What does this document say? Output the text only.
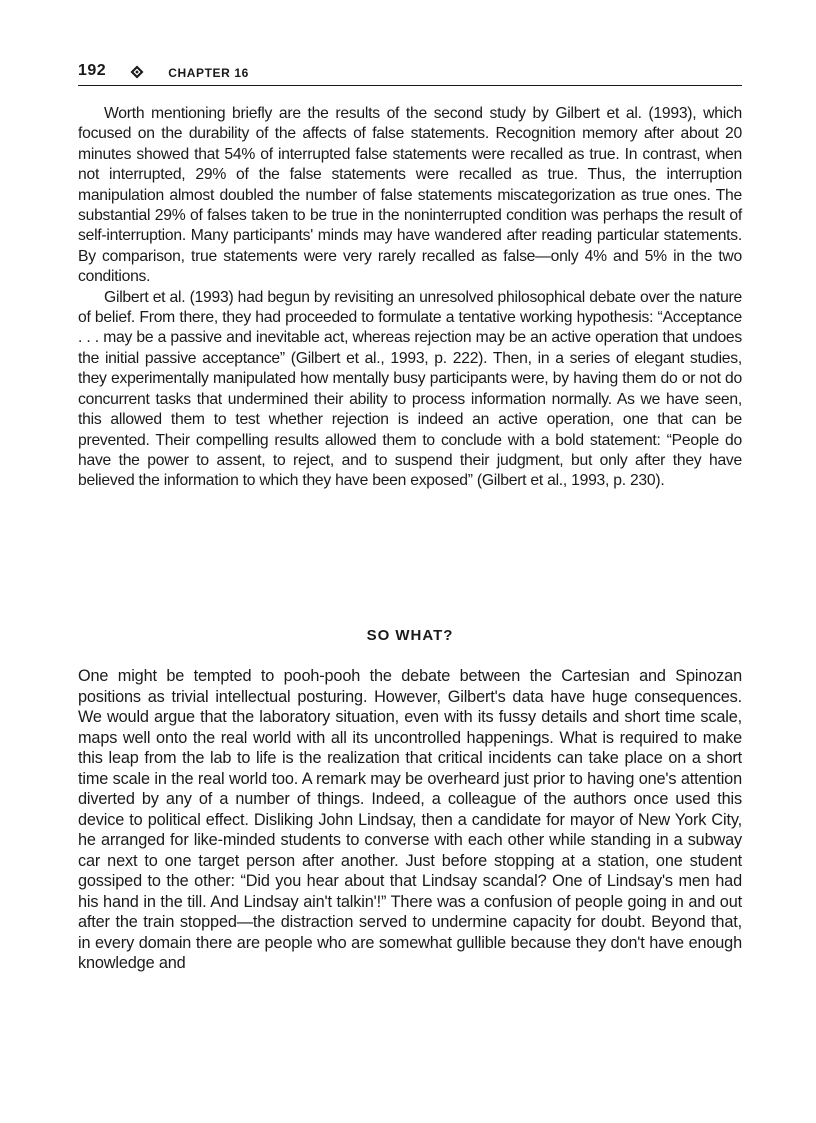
192	CHAPTER 16

Worth mentioning briefly are the results of the second study by Gilbert et al. (1993), which focused on the durability of the affects of false statements. Recognition memory after about 20 minutes showed that 54% of interrupted false statements were recalled as true. In contrast, when not interrupted, 29% of the false statements were recalled as true. Thus, the interruption manipulation almost doubled the number of false statements miscategorization as true ones. The substantial 29% of falses taken to be true in the noninterrupted condition was perhaps the result of self-interruption. Many participants' minds may have wandered after reading particular statements. By comparison, true statements were very rarely recalled as false—only 4% and 5% in the two conditions.

Gilbert et al. (1993) had begun by revisiting an unresolved philosophical debate over the nature of belief. From there, they had proceeded to formulate a tentative working hypothesis: “Acceptance . . . may be a passive and inevitable act, whereas rejection may be an active operation that undoes the initial passive acceptance” (Gilbert et al., 1993, p. 222). Then, in a series of elegant studies, they experimentally manipulated how mentally busy participants were, by having them do or not do concurrent tasks that undermined their ability to process information normally. As we have seen, this allowed them to test whether rejection is indeed an active operation, one that can be prevented. Their compelling results allowed them to conclude with a bold statement: “People do have the power to assent, to reject, and to suspend their judgment, but only after they have believed the information to which they have been exposed” (Gilbert et al., 1993, p. 230).

SO WHAT?

One might be tempted to pooh-pooh the debate between the Cartesian and Spinozan positions as trivial intellectual posturing. However, Gilbert's data have huge consequences. We would argue that the laboratory situation, even with its fussy details and short time scale, maps well onto the real world with all its uncontrolled happenings. What is required to make this leap from the lab to life is the realization that critical incidents can take place on a short time scale in the real world too. A remark may be overheard just prior to having one's attention diverted by any of a number of things. Indeed, a colleague of the authors once used this device to political effect. Disliking John Lindsay, then a candidate for mayor of New York City, he arranged for like-minded students to converse with each other while standing in a subway car next to one target person after another. Just before stopping at a station, one student gossiped to the other: “Did you hear about that Lindsay scandal? One of Lindsay's men had his hand in the till. And Lindsay ain't talkin'!” There was a confusion of people going in and out after the train stopped—the distraction served to undermine capacity for doubt. Beyond that, in every domain there are people who are somewhat gullible because they don't have enough knowledge and
